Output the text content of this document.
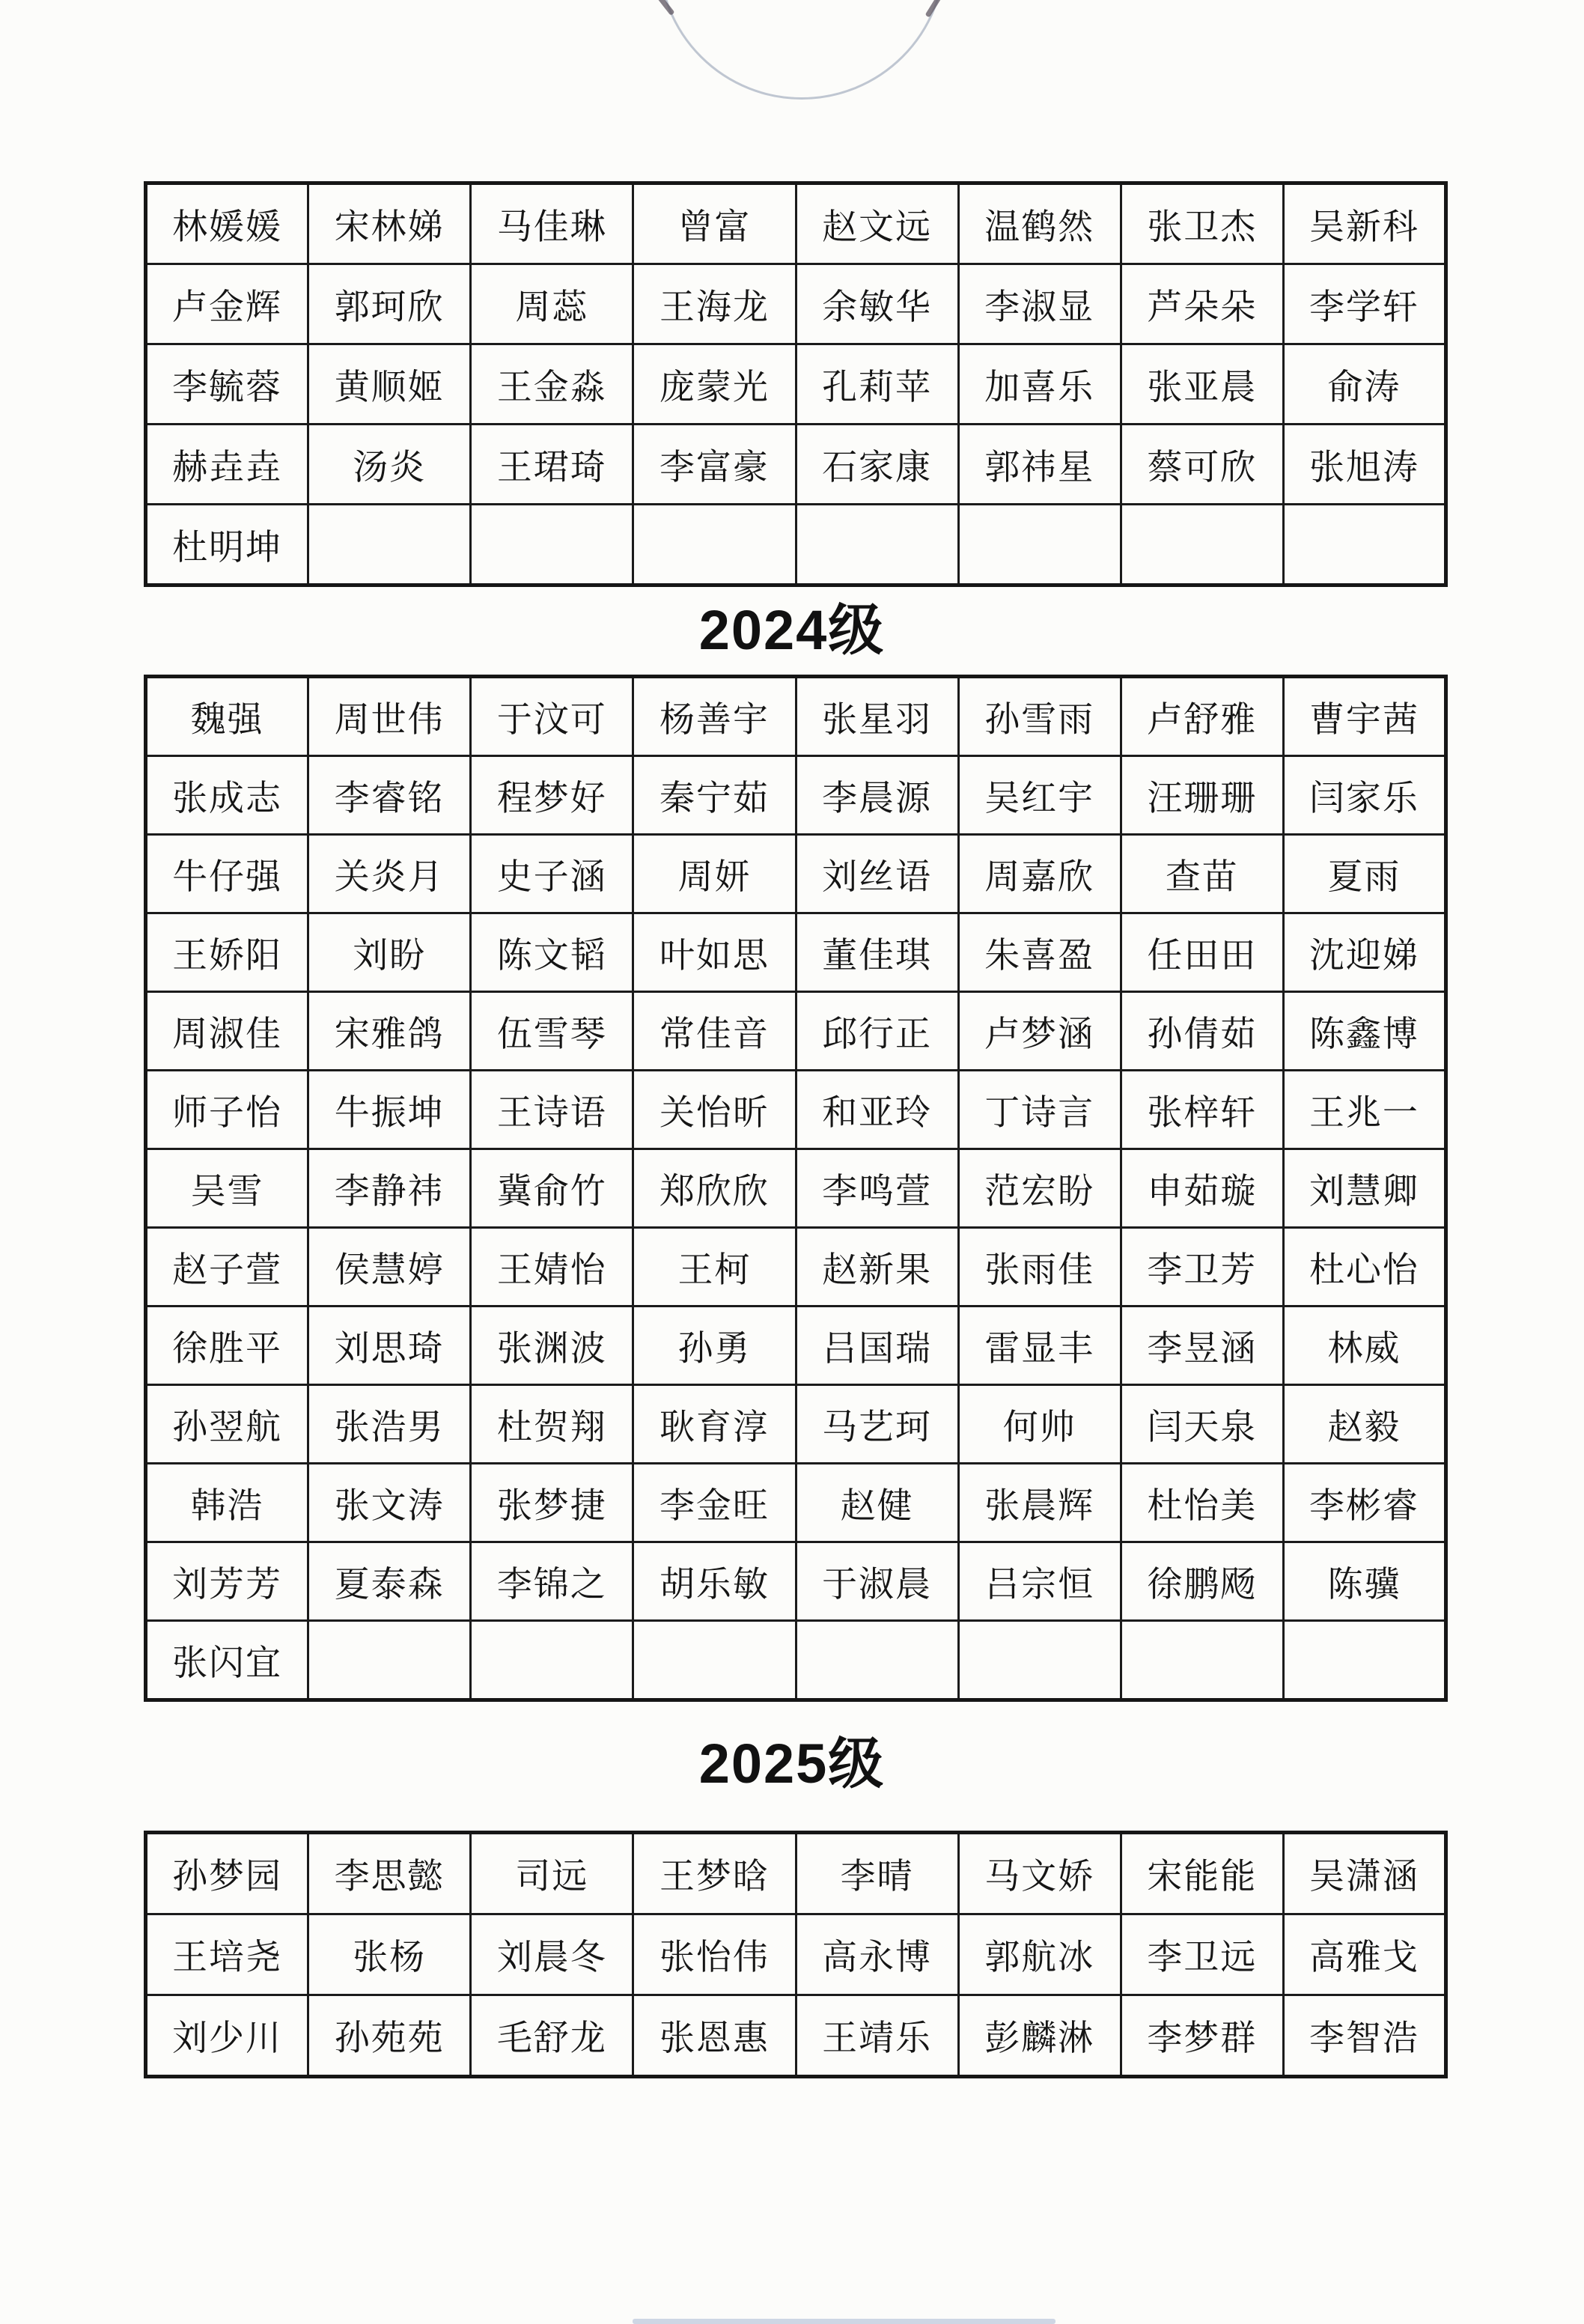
2024级
2025级
林媛媛	宋林娣	马佳琳	曾富	赵文远	温鹤然	张卫杰	吴新科
卢金辉	郭珂欣	周蕊	王海龙	余敏华	李淑显	芦朵朵	李学轩
李毓蓉	黄顺姬	王金淼	庞蒙光	孔莉苹	加喜乐	张亚晨	俞涛
赫垚垚	汤炎	王珺琦	李富豪	石家康	郭祎星	蔡可欣	张旭涛
杜明坤							
魏强	周世伟	于汶可	杨善宇	张星羽	孙雪雨	卢舒雅	曹宇茜
张成志	李睿铭	程梦好	秦宁茹	李晨源	吴红宇	汪珊珊	闫家乐
牛仔强	关炎月	史子涵	周妍	刘丝语	周嘉欣	查苗	夏雨
王娇阳	刘盼	陈文韬	叶如思	董佳琪	朱喜盈	任田田	沈迎娣
周淑佳	宋雅鸽	伍雪琴	常佳音	邱行正	卢梦涵	孙倩茹	陈鑫博
师子怡	牛振坤	王诗语	关怡昕	和亚玲	丁诗言	张梓轩	王兆一
吴雪	李静祎	冀俞竹	郑欣欣	李鸣萱	范宏盼	申茹璇	刘慧卿
赵子萱	侯慧婷	王婧怡	王柯	赵新果	张雨佳	李卫芳	杜心怡
徐胜平	刘思琦	张渊波	孙勇	吕国瑞	雷显丰	李昱涵	林威
孙翌航	张浩男	杜贺翔	耿育淳	马艺珂	何帅	闫天泉	赵毅
韩浩	张文涛	张梦捷	李金旺	赵健	张晨辉	杜怡美	李彬睿
刘芳芳	夏泰森	李锦之	胡乐敏	于淑晨	吕宗恒	徐鹏飏	陈骥
张闪宜							
孙梦园	李思懿	司远	王梦晗	李晴	马文娇	宋能能	吴潇涵
王培尧	张杨	刘晨冬	张怡伟	高永博	郭航冰	李卫远	高雅戈
刘少川	孙苑苑	毛舒龙	张恩惠	王靖乐	彭麟淋	李梦群	李智浩
